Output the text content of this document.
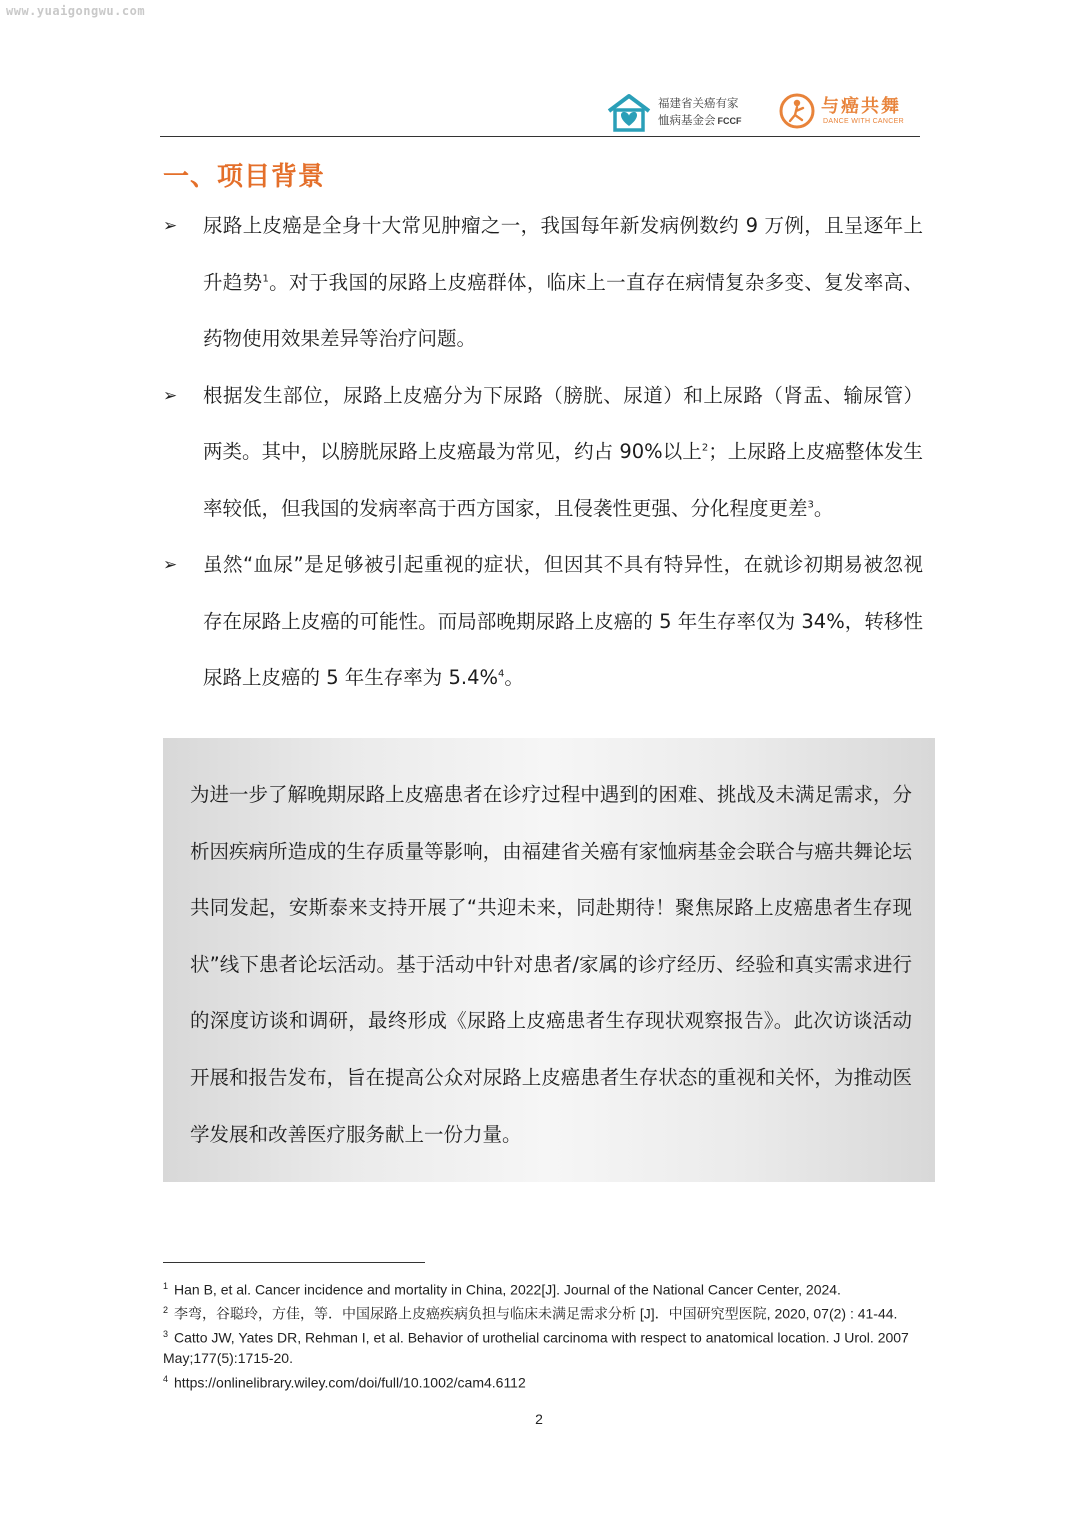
www.yuaigongwu.com
福建省关癌有家
恤病基金会 FCCF
与癌共舞
DANCE WITH CANCER
一、项目背景
➢ 尿路上皮癌是全身十大常见肿瘤之一，我国每年新发病例数约 9 万例，且呈逐年上升趋势$^1$。对于我国的尿路上皮癌群体，临床上一直存在病情复杂多变、复发率高、药物使用效果差异等治疗问题。
➢ 根据发生部位，尿路上皮癌分为下尿路（膀胱、尿道）和上尿路（肾盂、输尿管）两类。其中，以膀胱尿路上皮癌最为常见，约占 90%以上$^2$；上尿路上皮癌整体发生率较低，但我国的发病率高于西方国家，且侵袭性更强、分化程度更差$^3$。
➢ 虽然“血尿”是足够被引起重视的症状，但因其不具有特异性，在就诊初期易被忽视存在尿路上皮癌的可能性。而局部晚期尿路上皮癌的 5 年生存率仅为 34%，转移性尿路上皮癌的 5 年生存率为 5.4%$^4$。

为进一步了解晚期尿路上皮癌患者在诊疗过程中遇到的困难、挑战及未满足需求，分析因疾病所造成的生存质量等影响，由福建省关癌有家恤病基金会联合与癌共舞论坛共同发起，安斯泰来支持开展了“共迎未来，同赴期待！聚焦尿路上皮癌患者生存现状”线下患者论坛活动。基于活动中针对患者/家属的诊疗经历、经验和真实需求进行的深度访谈和调研，最终形成《尿路上皮癌患者生存现状观察报告》。此次访谈活动开展和报告发布，旨在提高公众对尿路上皮癌患者生存状态的重视和关怀，为推动医学发展和改善医疗服务献上一份力量。

$^1$ Han B, et al. Cancer incidence and mortality in China, 2022[J]. Journal of the National Cancer Center, 2024.
$^2$ 李弯，谷聪玲，方佳，等．中国尿路上皮癌疾病负担与临床未满足需求分析 [J]．中国研究型医院, 2020, 07(2) : 41-44.
$^3$ Catto JW, Yates DR, Rehman I, et al. Behavior of urothelial carcinoma with respect to anatomical location. J Urol. 2007 May;177(5):1715-20.
$^4$ https://onlinelibrary.wiley.com/doi/full/10.1002/cam4.6112
2
